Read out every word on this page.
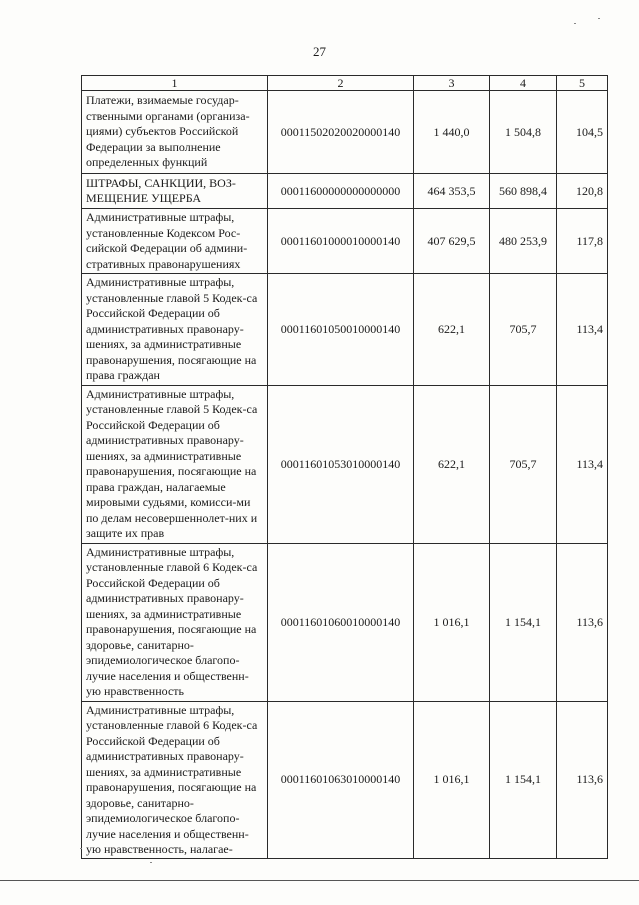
27
1	2	3	4	5
Платежи, взимаемые государ-ственными органами (организа-циями) субъектов Российской Федерации за выполнение определенных функций	00011502020020000140	1 440,0	1 504,8	104,5
ШТРАФЫ, САНКЦИИ, ВОЗ-МЕЩЕНИЕ УЩЕРБА	00011600000000000000	464 353,5	560 898,4	120,8
Административные штрафы, установленные Кодексом Рос-сийской Федерации об админи-стративных правонарушениях	00011601000010000140	407 629,5	480 253,9	117,8
Административные штрафы, установленные главой 5 Кодек-са Российской Федерации об административных правонару-шениях, за административные правонарушения, посягающие на права граждан	00011601050010000140	622,1	705,7	113,4
Административные штрафы, установленные главой 5 Кодек-са Российской Федерации об административных правонару-шениях, за административные правонарушения, посягающие на права граждан, налагаемые мировыми судьями, комисси-ми по делам несовершеннолет-них и защите их прав	00011601053010000140	622,1	705,7	113,4
Административные штрафы, установленные главой 6 Кодек-са Российской Федерации об административных правонару-шениях, за административные правонарушения, посягающие на здоровье, санитарно-эпидемиологическое благопо-лучие населения и общественн-ую нравственность	00011601060010000140	1 016,1	1 154,1	113,6
Административные штрафы, установленные главой 6 Кодек-са Российской Федерации об административных правонару-шениях, за административные правонарушения, посягающие на здоровье, санитарно-эпидемиологическое благопо-лучие населения и общественн-ую нравственность, налагае-	00011601063010000140	1 016,1	1 154,1	113,6
